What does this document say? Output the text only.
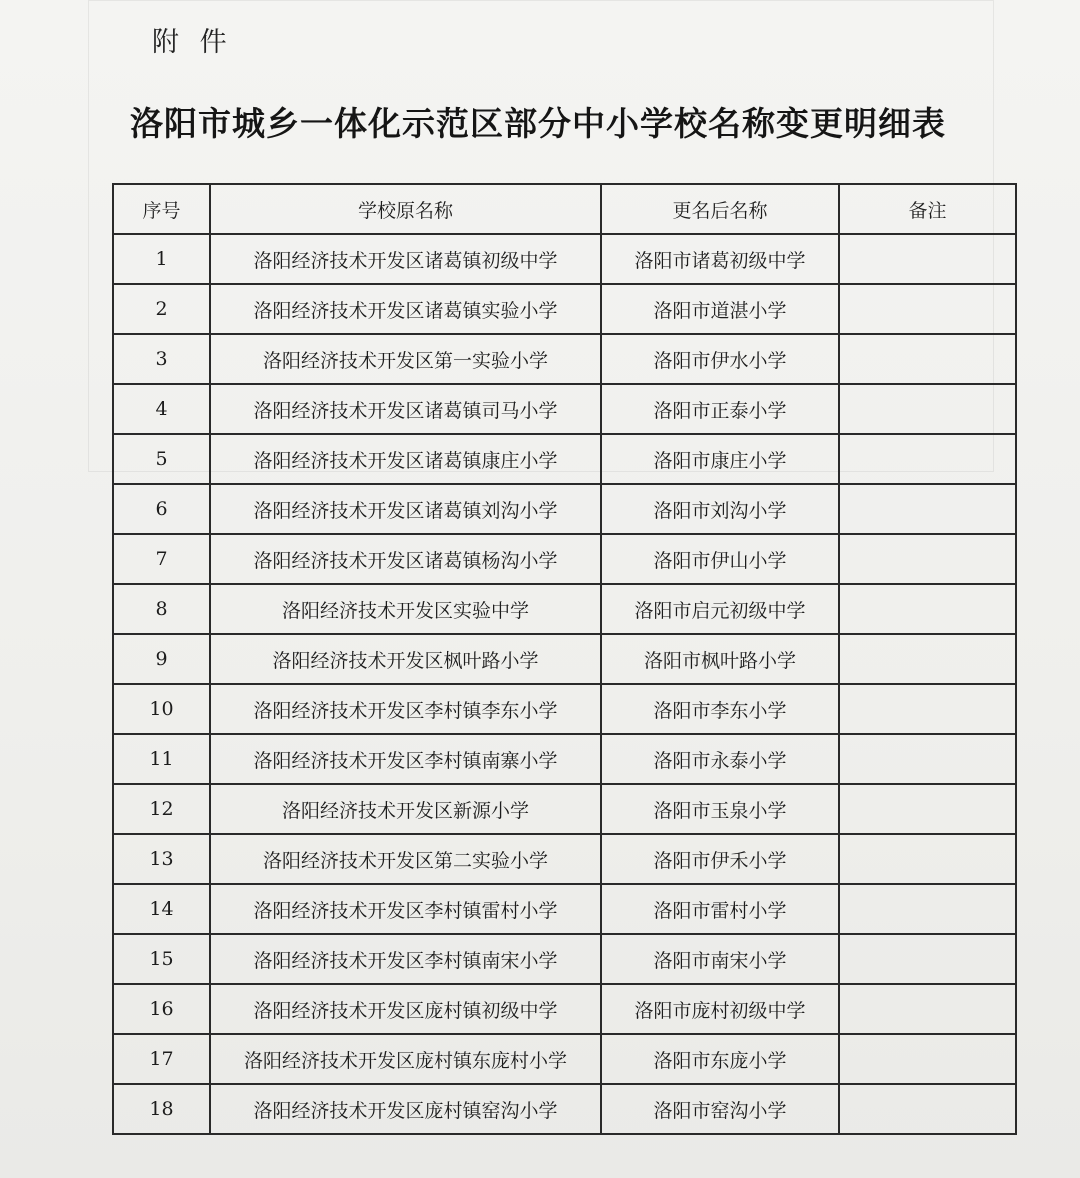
附 件
洛阳市城乡一体化示范区部分中小学校名称变更明细表
序号	学校原名称	更名后名称	备注
1	洛阳经济技术开发区诸葛镇初级中学	洛阳市诸葛初级中学	
2	洛阳经济技术开发区诸葛镇实验小学	洛阳市道湛小学	
3	洛阳经济技术开发区第一实验小学	洛阳市伊水小学	
4	洛阳经济技术开发区诸葛镇司马小学	洛阳市正泰小学	
5	洛阳经济技术开发区诸葛镇康庄小学	洛阳市康庄小学	
6	洛阳经济技术开发区诸葛镇刘沟小学	洛阳市刘沟小学	
7	洛阳经济技术开发区诸葛镇杨沟小学	洛阳市伊山小学	
8	洛阳经济技术开发区实验中学	洛阳市启元初级中学	
9	洛阳经济技术开发区枫叶路小学	洛阳市枫叶路小学	
10	洛阳经济技术开发区李村镇李东小学	洛阳市李东小学	
11	洛阳经济技术开发区李村镇南寨小学	洛阳市永泰小学	
12	洛阳经济技术开发区新源小学	洛阳市玉泉小学	
13	洛阳经济技术开发区第二实验小学	洛阳市伊禾小学	
14	洛阳经济技术开发区李村镇雷村小学	洛阳市雷村小学	
15	洛阳经济技术开发区李村镇南宋小学	洛阳市南宋小学	
16	洛阳经济技术开发区庞村镇初级中学	洛阳市庞村初级中学	
17	洛阳经济技术开发区庞村镇东庞村小学	洛阳市东庞小学	
18	洛阳经济技术开发区庞村镇窑沟小学	洛阳市窑沟小学	
